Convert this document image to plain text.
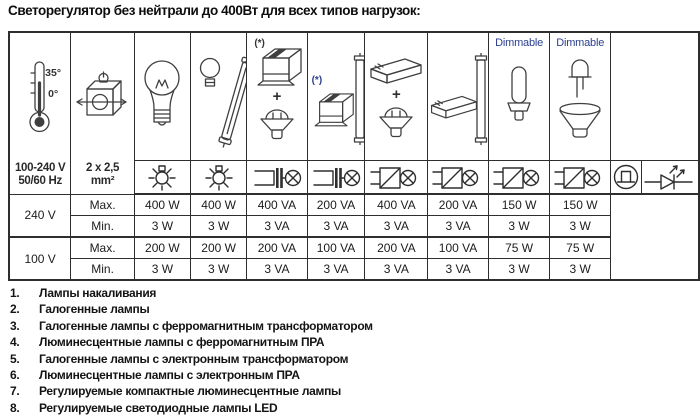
Светорегулятор без нейтрали до 400Вт для всех типов нагрузок:
35°
0°
100-240 V
50/60 Hz

2 x 2,5
mm²

(*)
+

(*)

+

Dimmable	Dimmable

240 V	Max.	400 W	400 W	400 VA	200 VA	400 VA	200 VA	150 W	150 W		
	Min.	3 W	3 W	3 VA	3 VA	3 VA	3 VA	3 W	3 W		
100 V	Max.	200 W	200 W	200 VA	100 VA	200 VA	100 VA	75 W	75 W		
	Min.	3 W	3 W	3 VA	3 VA	3 VA	3 VA	3 W	3 W		
1.	Лампы накаливания
2.	Галогенные лампы
3.	Галогенные лампы с ферромагнитным трансформатором
4.	Люминесцентные лампы с ферромагнитным ПРА
5.	Галогенные лампы с электронным трансформатором
6.	Люминесцентные лампы с электронным ПРА
7.	Регулируемые компактные люминесцентные лампы
8.	Регулируемые светодиодные лампы LED
